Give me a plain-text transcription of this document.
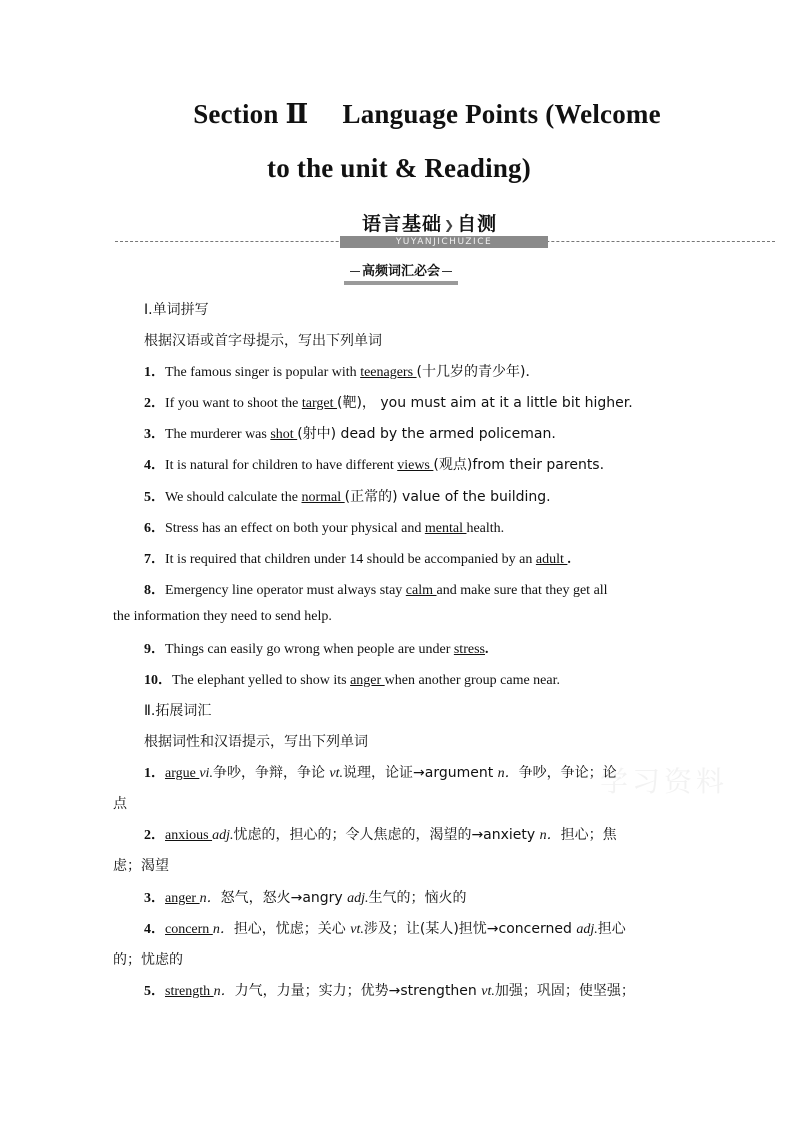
Section Ⅱ Language Points (Welcome
to the unit & Reading)
语言基础 ❯ 自测
YUYANJICHUZICE
高频词汇必会
学习资料
Ⅰ.单词拼写
根据汉语或首字母提示，写出下列单词
1．The famous singer is popular with teenagers (十几岁的青少年)．
2．If you want to shoot the target (靶)， you must aim at it a little bit higher.
3．The murderer was shot (射中) dead by the armed policeman.
4．It is natural for children to have different views (观点)from their parents.
5．We should calculate the normal (正常的) value of the building.
6．Stress has an effect on both your physical and mental health.
7．It is required that children under 14 should be accompanied by an adult .
8．Emergency line operator must always stay calm and make sure that they get all
the information they need to send help.
9．Things can easily go wrong when people are under stress.
10．The elephant yelled to show its anger when another group came near.
Ⅱ.拓展词汇
根据词性和汉语提示，写出下列单词
1．argue vi.争吵，争辩，争论 vt.说理，论证→argument n．争吵，争论；论
点
2．anxious adj.忧虑的，担心的；令人焦虑的，渴望的→anxiety n．担心；焦
虑；渴望
3．anger n．怒气，怒火→angry adj.生气的；恼火的
4．concern n．担心，忧虑；关心 vt.涉及；让(某人)担忧→concerned adj.担心
的；忧虑的
5．strength n．力气，力量；实力；优势→strengthen vt.加强；巩固；使坚强；
